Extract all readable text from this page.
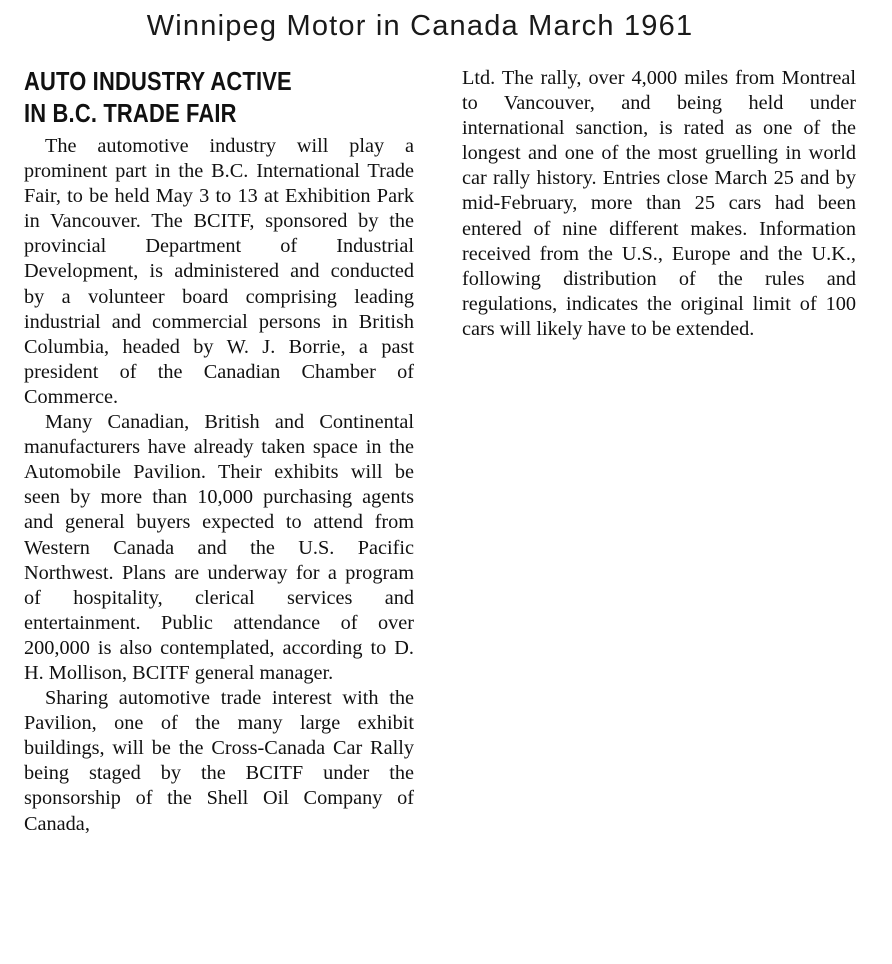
Winnipeg Motor in Canada March 1961
AUTO INDUSTRY ACTIVE
IN B.C. TRADE FAIR

The automotive industry will play a prominent part in the B.C. International Trade Fair, to be held May 3 to 13 at Exhibition Park in Vancouver. The BCITF, sponsored by the provincial Department of Industrial Development, is administered and conducted by a volunteer board comprising leading industrial and commercial persons in British Columbia, headed by W. J. Borrie, a past president of the Canadian Chamber of Commerce.

Many Canadian, British and Continental manufacturers have already taken space in the Automobile Pavilion. Their exhibits will be seen by more than 10,000 purchasing agents and general buyers expected to attend from Western Canada and the U.S. Pacific Northwest. Plans are underway for a program of hospitality, clerical services and entertainment. Public attendance of over 200,000 is also contemplated, according to D. H. Mollison, BCITF general manager.

Sharing automotive trade interest with the Pavilion, one of the many large exhibit buildings, will be the Cross-Canada Car Rally being staged by the BCITF under the sponsorship of the Shell Oil Company of Canada,

Ltd. The rally, over 4,000 miles from Montreal to Vancouver, and being held under international sanction, is rated as one of the longest and one of the most gruelling in world car rally history. Entries close March 25 and by mid-February, more than 25 cars had been entered of nine different makes. Information received from the U.S., Europe and the U.K., following distribution of the rules and regulations, indicates the original limit of 100 cars will likely have to be extended.
